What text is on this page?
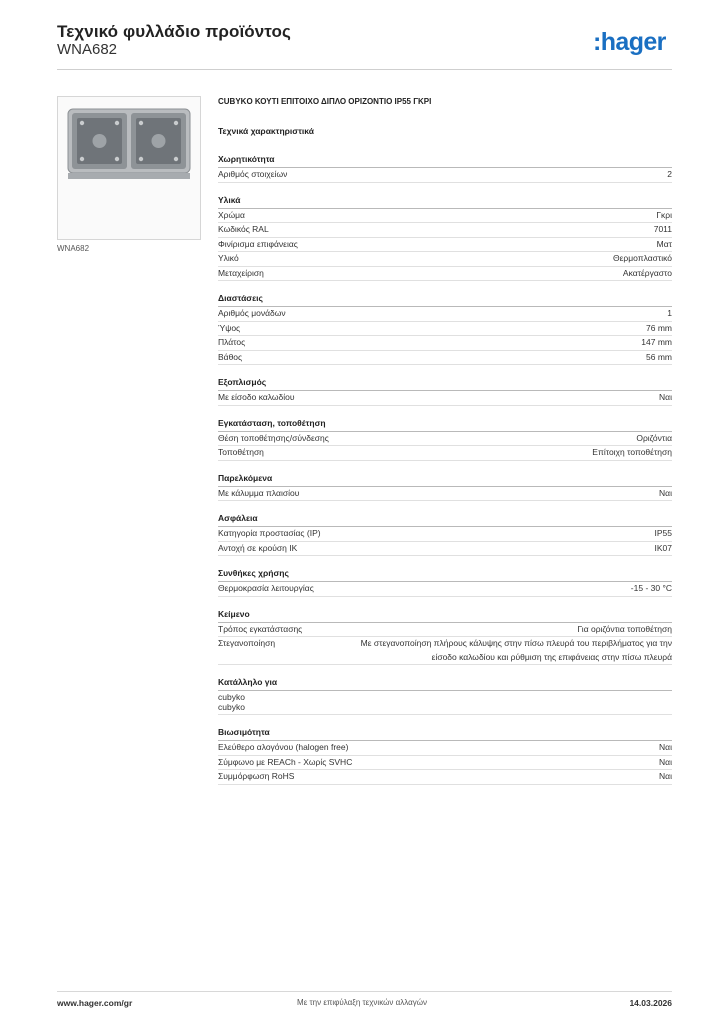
Τεχνικό φυλλάδιο προϊόντος
WNA682	:hager
WNA682
CUBYKO ΚΟΥΤΙ ΕΠΙΤΟΙΧΟ ΔΙΠΛΟ ΟΡΙΖΟΝΤΙΟ IP55 ΓΚΡΙ
Τεχνικά χαρακτηριστικά
Χωρητικότητα
Αριθμός στοιχείων	2
Υλικά
Χρώμα	Γκρι
Κωδικός RAL	7011
Φινίρισμα επιφάνειας	Ματ
Υλικό	Θερμοπλαστικό
Μεταχείριση	Ακατέργαστο
Διαστάσεις
Αριθμός μονάδων	1
Ύψος	76 mm
Πλάτος	147 mm
Βάθος	56 mm
Εξοπλισμός
Με είσοδο καλωδίου	Ναι
Εγκατάσταση, τοποθέτηση
Θέση τοποθέτησης/σύνδεσης	Οριζόντια
Τοποθέτηση	Επίτοιχη τοποθέτηση
Παρελκόμενα
Με κάλυμμα πλαισίου	Ναι
Ασφάλεια
Κατηγορία προστασίας (IP)	IP55
Αντοχή σε κρούση IK	IK07
Συνθήκες χρήσης
Θερμοκρασία λειτουργίας	-15 - 30 °C
Κείμενο
Τρόπος εγκατάστασης	Για οριζόντια τοποθέτηση
Στεγανοποίηση	Με στεγανοποίηση πλήρους κάλυψης στην πίσω πλευρά του περιβλήματος για την είσοδο καλωδίου και ρύθμιση της επιφάνειας στην πίσω πλευρά
Κατάλληλο για
cubyko
cubyko
Βιωσιμότητα
Ελεύθερο αλογόνου (halogen free)	Ναι
Σύμφωνο με REACh - Χωρίς SVHC	Ναι
Συμμόρφωση RoHS	Ναι
www.hager.com/gr	Με την επιφύλαξη τεχνικών αλλαγών	14.03.2026
